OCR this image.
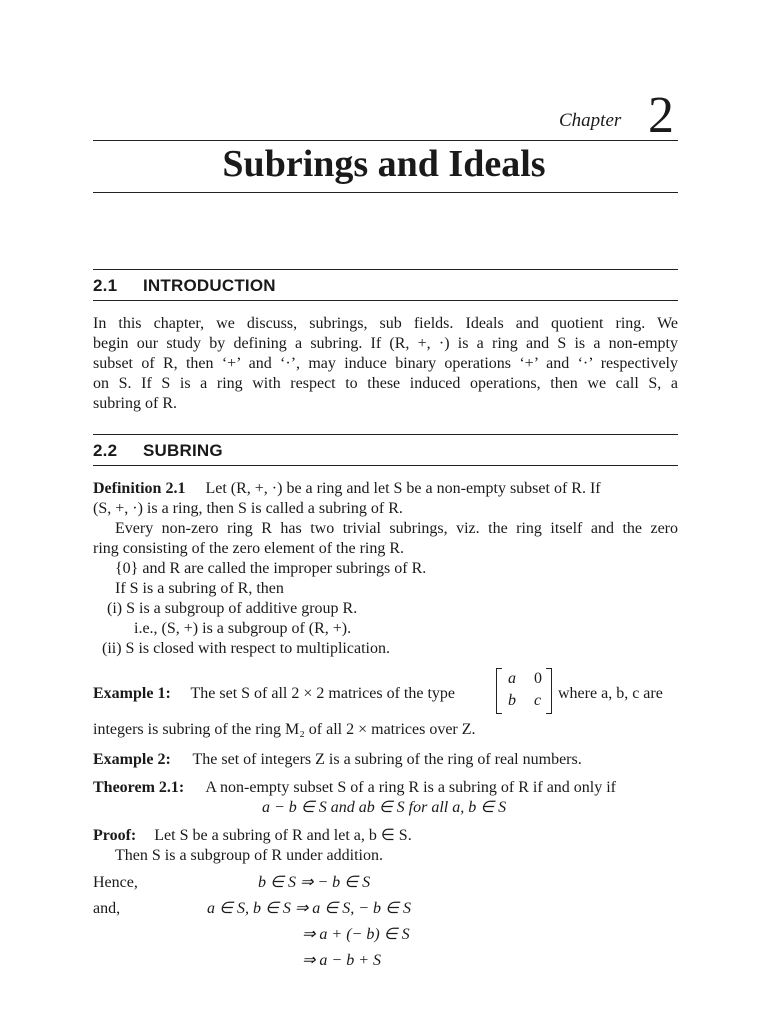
Chapter 2
Subrings and Ideals
2.1 INTRODUCTION
In this chapter, we discuss, subrings, sub fields. Ideals and quotient ring. We
begin our study by defining a subring. If (R, +, ·) is a ring and S is a non-empty
subset of R, then ‘+’ and ‘·’, may induce binary operations ‘+’ and ‘·’ respectively
on S. If S is a ring with respect to these induced operations, then we call S, a
subring of R.
2.2 SUBRING
Definition 2.1 Let (R, +, ·) be a ring and let S be a non-empty subset of R. If
(S, +, ·) is a ring, then S is called a subring of R.
Every non-zero ring R has two trivial subrings, viz. the ring itself and the zero
ring consisting of the zero element of the ring R.
{0} and R are called the improper subrings of R.
If S is a subring of R, then
(i) S is a subgroup of additive group R.
i.e., (S, +) is a subgroup of (R, +).
(ii) S is closed with respect to multiplication.
Example 1: The set S of all 2 × 2 matrices of the type
a 0
b c where a, b, c are
integers is subring of the ring M₂ of all 2 × matrices over Z.
Example 2: The set of integers Z is a subring of the ring of real numbers.
Theorem 2.1: A non-empty subset S of a ring R is a subring of R if and only if
a − b ∈ S and ab ∈ S for all a, b ∈ S
Proof: Let S be a subring of R and let a, b ∈ S.
Then S is a subgroup of R under addition.
Hence,	b ∈ S ⇒ − b ∈ S
and,	a ∈ S, b ∈ S ⇒ a ∈ S, − b ∈ S
⇒ a + (− b) ∈ S
⇒ a − b + S
